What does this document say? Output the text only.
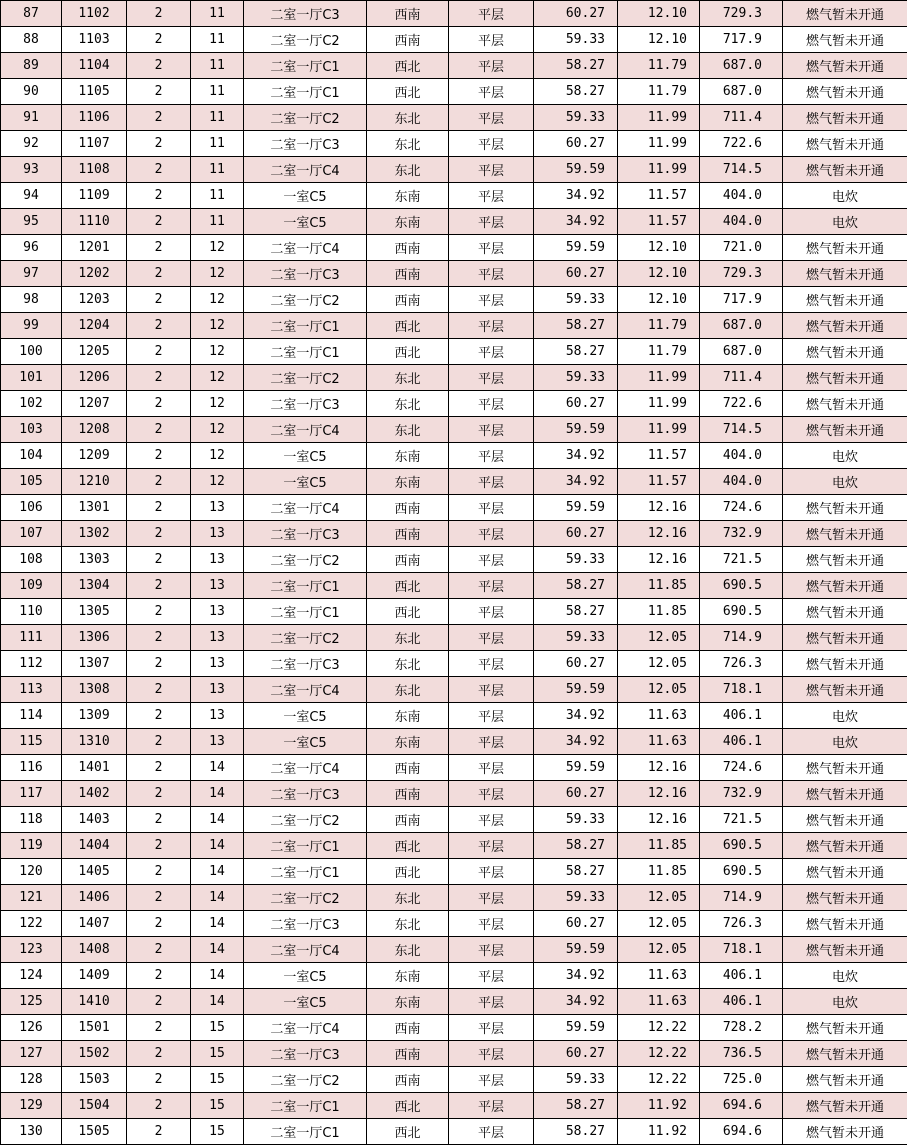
87	1102	2	11	二室一厅C3	西南	平层	60.27	12.10	729.3	燃气暂未开通
88	1103	2	11	二室一厅C2	西南	平层	59.33	12.10	717.9	燃气暂未开通
89	1104	2	11	二室一厅C1	西北	平层	58.27	11.79	687.0	燃气暂未开通
90	1105	2	11	二室一厅C1	西北	平层	58.27	11.79	687.0	燃气暂未开通
91	1106	2	11	二室一厅C2	东北	平层	59.33	11.99	711.4	燃气暂未开通
92	1107	2	11	二室一厅C3	东北	平层	60.27	11.99	722.6	燃气暂未开通
93	1108	2	11	二室一厅C4	东北	平层	59.59	11.99	714.5	燃气暂未开通
94	1109	2	11	一室C5	东南	平层	34.92	11.57	404.0	电炊
95	1110	2	11	一室C5	东南	平层	34.92	11.57	404.0	电炊
96	1201	2	12	二室一厅C4	西南	平层	59.59	12.10	721.0	燃气暂未开通
97	1202	2	12	二室一厅C3	西南	平层	60.27	12.10	729.3	燃气暂未开通
98	1203	2	12	二室一厅C2	西南	平层	59.33	12.10	717.9	燃气暂未开通
99	1204	2	12	二室一厅C1	西北	平层	58.27	11.79	687.0	燃气暂未开通
100	1205	2	12	二室一厅C1	西北	平层	58.27	11.79	687.0	燃气暂未开通
101	1206	2	12	二室一厅C2	东北	平层	59.33	11.99	711.4	燃气暂未开通
102	1207	2	12	二室一厅C3	东北	平层	60.27	11.99	722.6	燃气暂未开通
103	1208	2	12	二室一厅C4	东北	平层	59.59	11.99	714.5	燃气暂未开通
104	1209	2	12	一室C5	东南	平层	34.92	11.57	404.0	电炊
105	1210	2	12	一室C5	东南	平层	34.92	11.57	404.0	电炊
106	1301	2	13	二室一厅C4	西南	平层	59.59	12.16	724.6	燃气暂未开通
107	1302	2	13	二室一厅C3	西南	平层	60.27	12.16	732.9	燃气暂未开通
108	1303	2	13	二室一厅C2	西南	平层	59.33	12.16	721.5	燃气暂未开通
109	1304	2	13	二室一厅C1	西北	平层	58.27	11.85	690.5	燃气暂未开通
110	1305	2	13	二室一厅C1	西北	平层	58.27	11.85	690.5	燃气暂未开通
111	1306	2	13	二室一厅C2	东北	平层	59.33	12.05	714.9	燃气暂未开通
112	1307	2	13	二室一厅C3	东北	平层	60.27	12.05	726.3	燃气暂未开通
113	1308	2	13	二室一厅C4	东北	平层	59.59	12.05	718.1	燃气暂未开通
114	1309	2	13	一室C5	东南	平层	34.92	11.63	406.1	电炊
115	1310	2	13	一室C5	东南	平层	34.92	11.63	406.1	电炊
116	1401	2	14	二室一厅C4	西南	平层	59.59	12.16	724.6	燃气暂未开通
117	1402	2	14	二室一厅C3	西南	平层	60.27	12.16	732.9	燃气暂未开通
118	1403	2	14	二室一厅C2	西南	平层	59.33	12.16	721.5	燃气暂未开通
119	1404	2	14	二室一厅C1	西北	平层	58.27	11.85	690.5	燃气暂未开通
120	1405	2	14	二室一厅C1	西北	平层	58.27	11.85	690.5	燃气暂未开通
121	1406	2	14	二室一厅C2	东北	平层	59.33	12.05	714.9	燃气暂未开通
122	1407	2	14	二室一厅C3	东北	平层	60.27	12.05	726.3	燃气暂未开通
123	1408	2	14	二室一厅C4	东北	平层	59.59	12.05	718.1	燃气暂未开通
124	1409	2	14	一室C5	东南	平层	34.92	11.63	406.1	电炊
125	1410	2	14	一室C5	东南	平层	34.92	11.63	406.1	电炊
126	1501	2	15	二室一厅C4	西南	平层	59.59	12.22	728.2	燃气暂未开通
127	1502	2	15	二室一厅C3	西南	平层	60.27	12.22	736.5	燃气暂未开通
128	1503	2	15	二室一厅C2	西南	平层	59.33	12.22	725.0	燃气暂未开通
129	1504	2	15	二室一厅C1	西北	平层	58.27	11.92	694.6	燃气暂未开通
130	1505	2	15	二室一厅C1	西北	平层	58.27	11.92	694.6	燃气暂未开通
